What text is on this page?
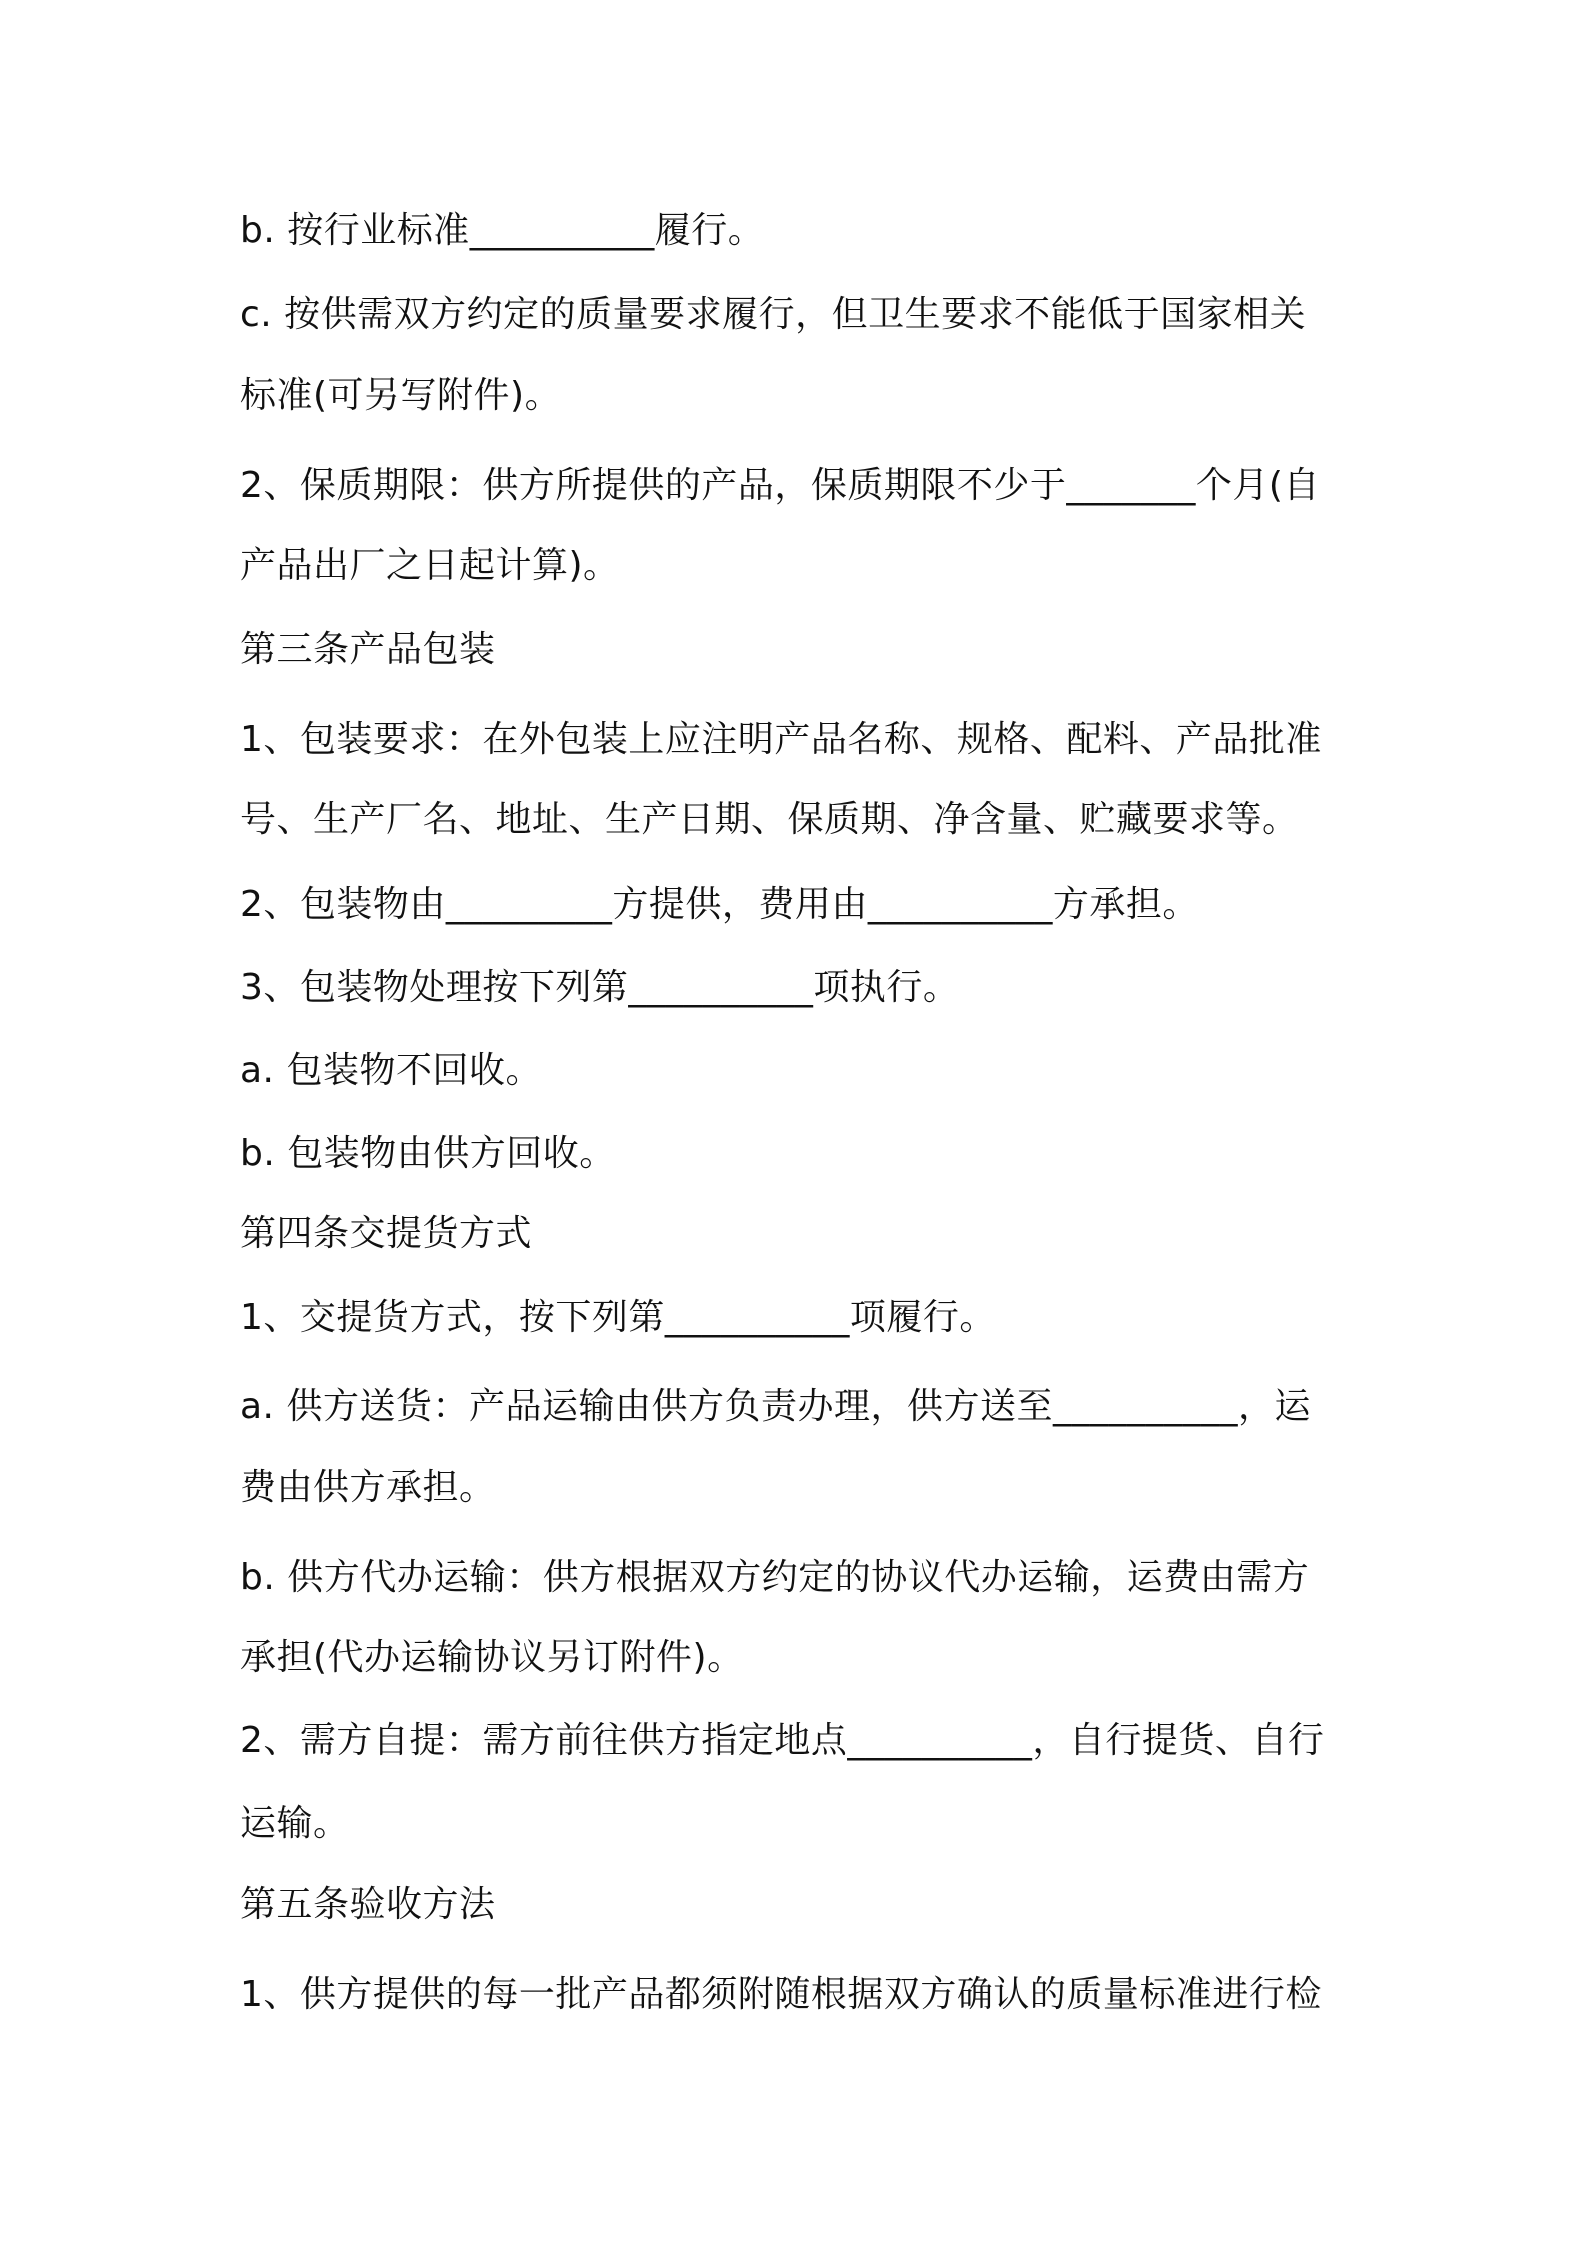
b. 按行业标准__________履行。
c. 按供需双方约定的质量要求履行，但卫生要求不能低于国家相关
标准(可另写附件)。
2、保质期限：供方所提供的产品，保质期限不少于_______个月(自
产品出厂之日起计算)。
第三条产品包装
1、包装要求：在外包装上应注明产品名称、规格、配料、产品批准
号、生产厂名、地址、生产日期、保质期、净含量、贮藏要求等。
2、包装物由_________方提供，费用由__________方承担。
3、包装物处理按下列第__________项执行。
a. 包装物不回收。
b. 包装物由供方回收。
第四条交提货方式
1、交提货方式，按下列第__________项履行。
a. 供方送货：产品运输由供方负责办理，供方送至__________，运
费由供方承担。
b. 供方代办运输：供方根据双方约定的协议代办运输，运费由需方
承担(代办运输协议另订附件)。
2、需方自提：需方前往供方指定地点__________，自行提货、自行
运输。
第五条验收方法
1、供方提供的每一批产品都须附随根据双方确认的质量标准进行检
